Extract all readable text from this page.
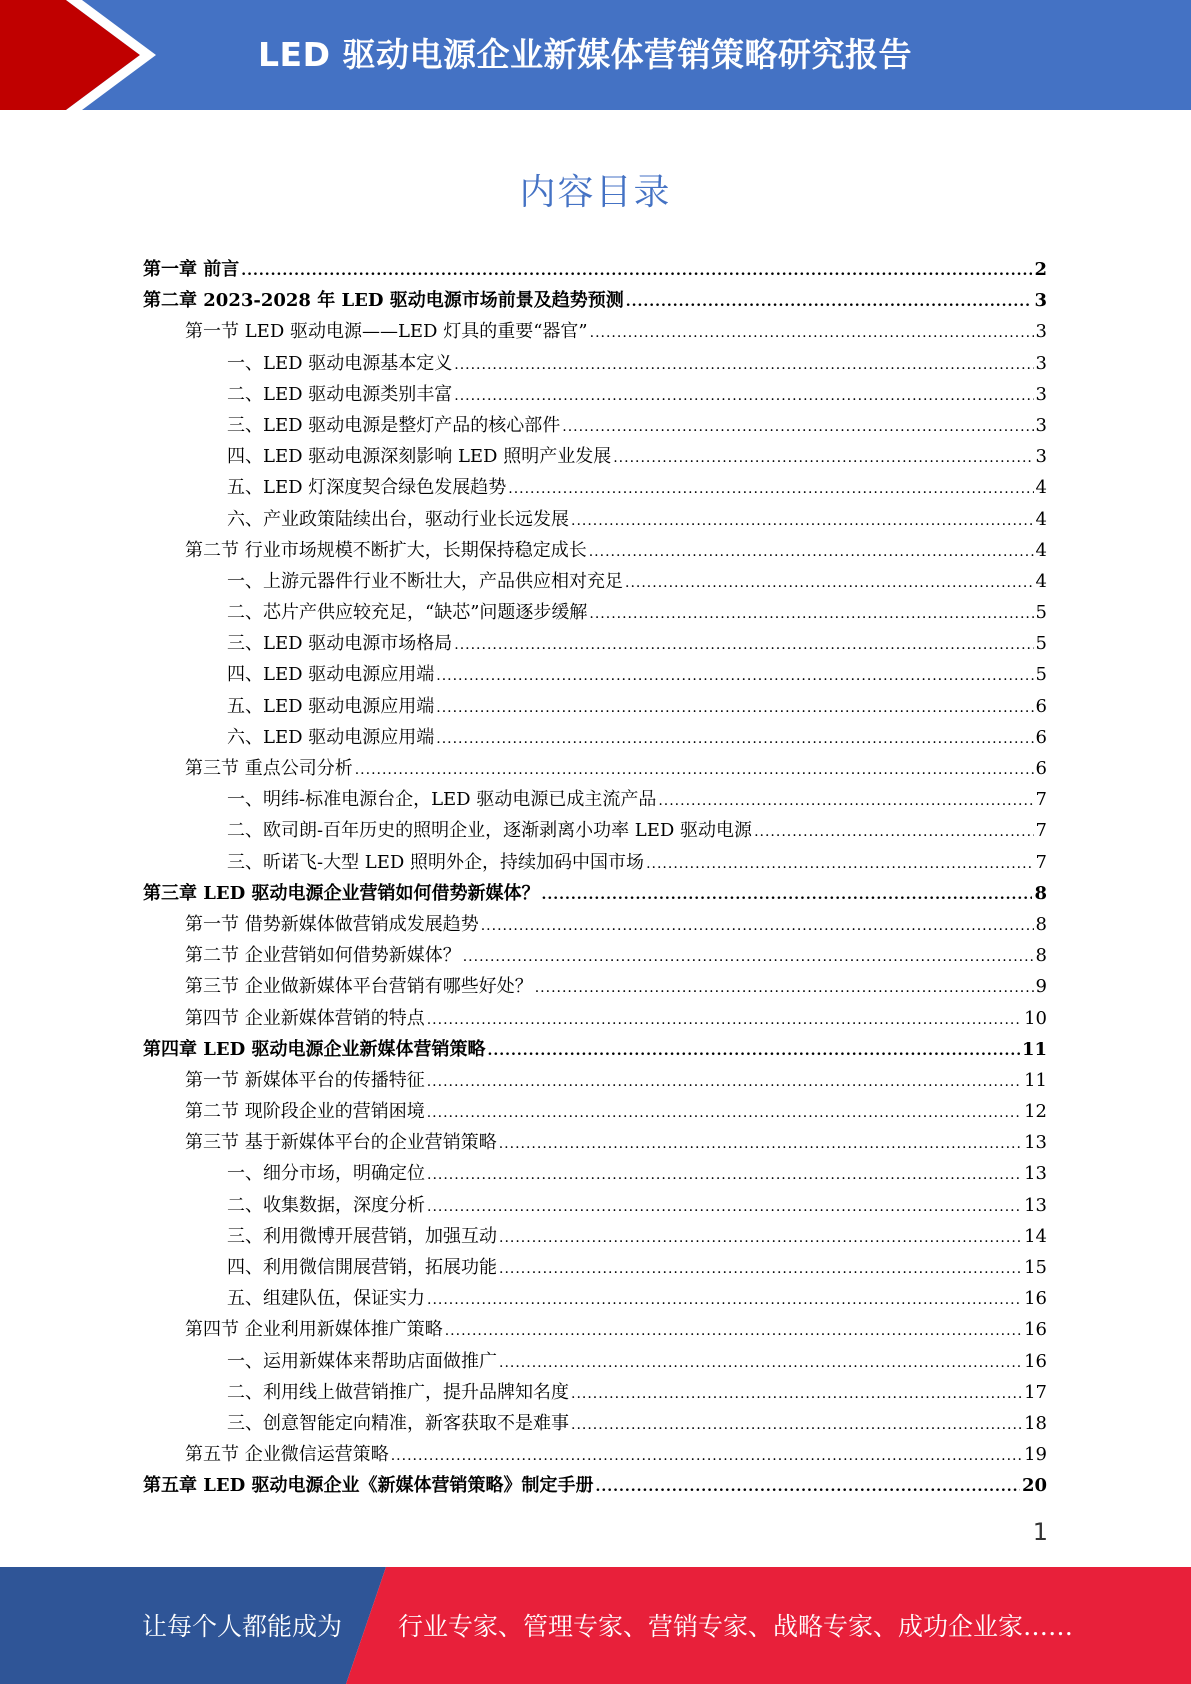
LED 驱动电源企业新媒体营销策略研究报告
内容目录
第一章 前言 .....	2
第二章 2023-2028 年 LED 驱动电源市场前景及趋势预测 .....	3
第一节 LED 驱动电源——LED 灯具的重要“器官” .....	3
一、LED 驱动电源基本定义 .....	3
二、LED 驱动电源类别丰富 .....	3
三、LED 驱动电源是整灯产品的核心部件 .....	3
四、LED 驱动电源深刻影响 LED 照明产业发展 .....	3
五、LED 灯深度契合绿色发展趋势 .....	4
六、产业政策陆续出台，驱动行业长远发展 .....	4
第二节 行业市场规模不断扩大，长期保持稳定成长 .....	4
一、上游元器件行业不断壮大，产品供应相对充足 .....	4
二、芯片产供应较充足，“缺芯”问题逐步缓解 .....	5
三、LED 驱动电源市场格局 .....	5
四、LED 驱动电源应用端 .....	5
五、LED 驱动电源应用端 .....	6
六、LED 驱动电源应用端 .....	6
第三节 重点公司分析 .....	6
一、明纬-标准电源台企，LED 驱动电源已成主流产品 .....	7
二、欧司朗-百年历史的照明企业，逐渐剥离小功率 LED 驱动电源 .....	7
三、昕诺飞-大型 LED 照明外企，持续加码中国市场 .....	7
第三章 LED 驱动电源企业营销如何借势新媒体？ .....	8
第一节 借势新媒体做营销成发展趋势 .....	8
第二节 企业营销如何借势新媒体？ .....	8
第三节 企业做新媒体平台营销有哪些好处？ .....	9
第四节 企业新媒体营销的特点 .....	10
第四章 LED 驱动电源企业新媒体营销策略 .....	11
第一节 新媒体平台的传播特征 .....	11
第二节 现阶段企业的营销困境 .....	12
第三节 基于新媒体平台的企业营销策略 .....	13
一、细分市场，明确定位 .....	13
二、收集数据，深度分析 .....	13
三、利用微博开展营销，加强互动 .....	14
四、利用微信開展营销，拓展功能 .....	15
五、组建队伍，保证实力 .....	16
第四节 企业利用新媒体推广策略 .....	16
一、运用新媒体来帮助店面做推广 .....	16
二、利用线上做营销推广，提升品牌知名度 .....	17
三、创意智能定向精准，新客获取不是难事 .....	18
第五节 企业微信运营策略 .....	19
第五章 LED 驱动电源企业《新媒体营销策略》制定手册 .....	20
1
让每个人都能成为 行业专家、管理专家、营销专家、战略专家、成功企业家……
